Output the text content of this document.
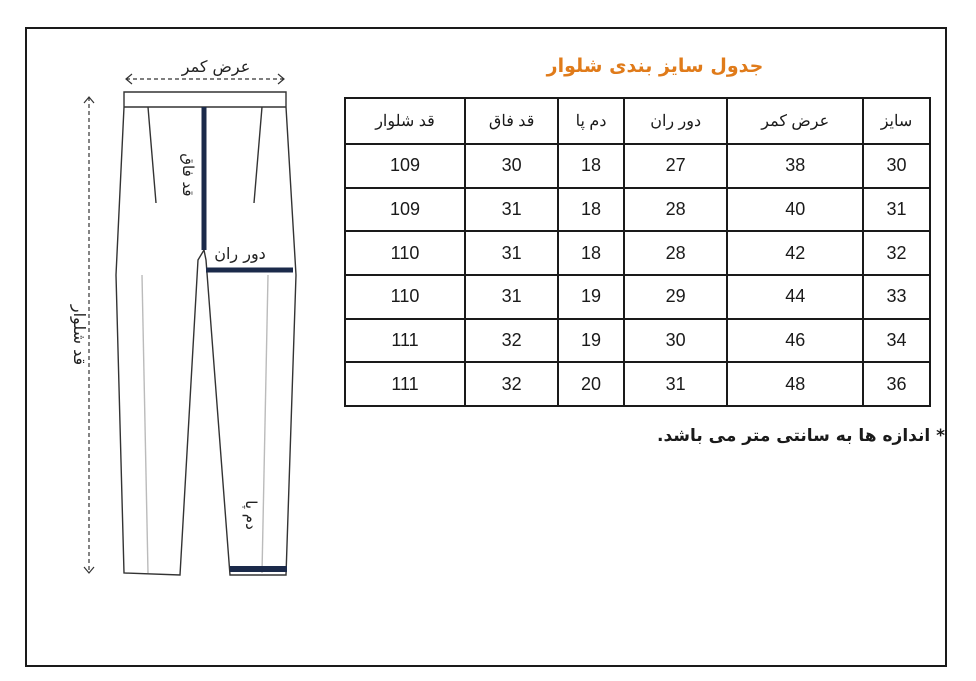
جدول سایز بندی شلوار
عرض کمر
قد شلوار
قد فاق
دور ران
دم پا
سایز	عرض کمر	دور ران	دم پا	قد فاق	قد شلوار
30	38	27	18	30	109
31	40	28	18	31	109
32	42	28	18	31	110
33	44	29	19	31	110
34	46	30	19	32	111
36	48	31	20	32	111
* اندازه ها به سانتی متر می باشد.
